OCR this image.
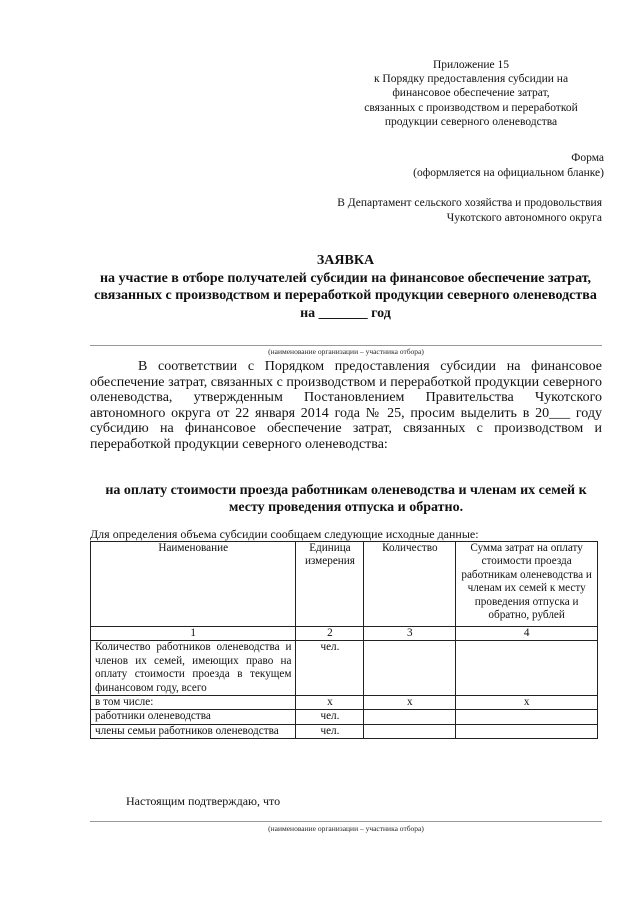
Приложение 15
к Порядку предоставления субсидии на
финансовое обеспечение затрат,
связанных с производством и переработкой
продукции северного оленеводства
Форма
(оформляется на официальном бланке)
В Департамент сельского хозяйства и продовольствия
Чукотского автономного округа
ЗАЯВКА
на участие в отборе получателей субсидии на финансовое обеспечение затрат, связанных с производством и переработкой продукции северного оленеводства на _______ год
(наименование организации – участника отбора)
В соответствии с Порядком предоставления субсидии на финансовое обеспечение затрат, связанных с производством и переработкой продукции северного оленеводства, утвержденным Постановлением Правительства Чукотского автономного округа от 22 января 2014 года № 25, просим выделить в 20___ году субсидию на финансовое обеспечение затрат, связанных с производством и переработкой продукции северного оленеводства:
на оплату стоимости проезда работникам оленеводства и членам их семей к месту проведения отпуска и обратно.
Для определения объема субсидии сообщаем следующие исходные данные:
Наименование	Единица измерения	Количество	Сумма затрат на оплату стоимости проезда работникам оленеводства и членам их семей к месту проведения отпуска и обратно, рублей
1	2	3	4
Количество работников оленеводства и членов их семей, имеющих право на оплату стоимости проезда в текущем финансовом году, всего	чел.		
в том числе:	х	х	х
работники оленеводства	чел.		
члены семьи работников оленеводства	чел.		
Настоящим подтверждаю, что
(наименование организации – участника отбора)
